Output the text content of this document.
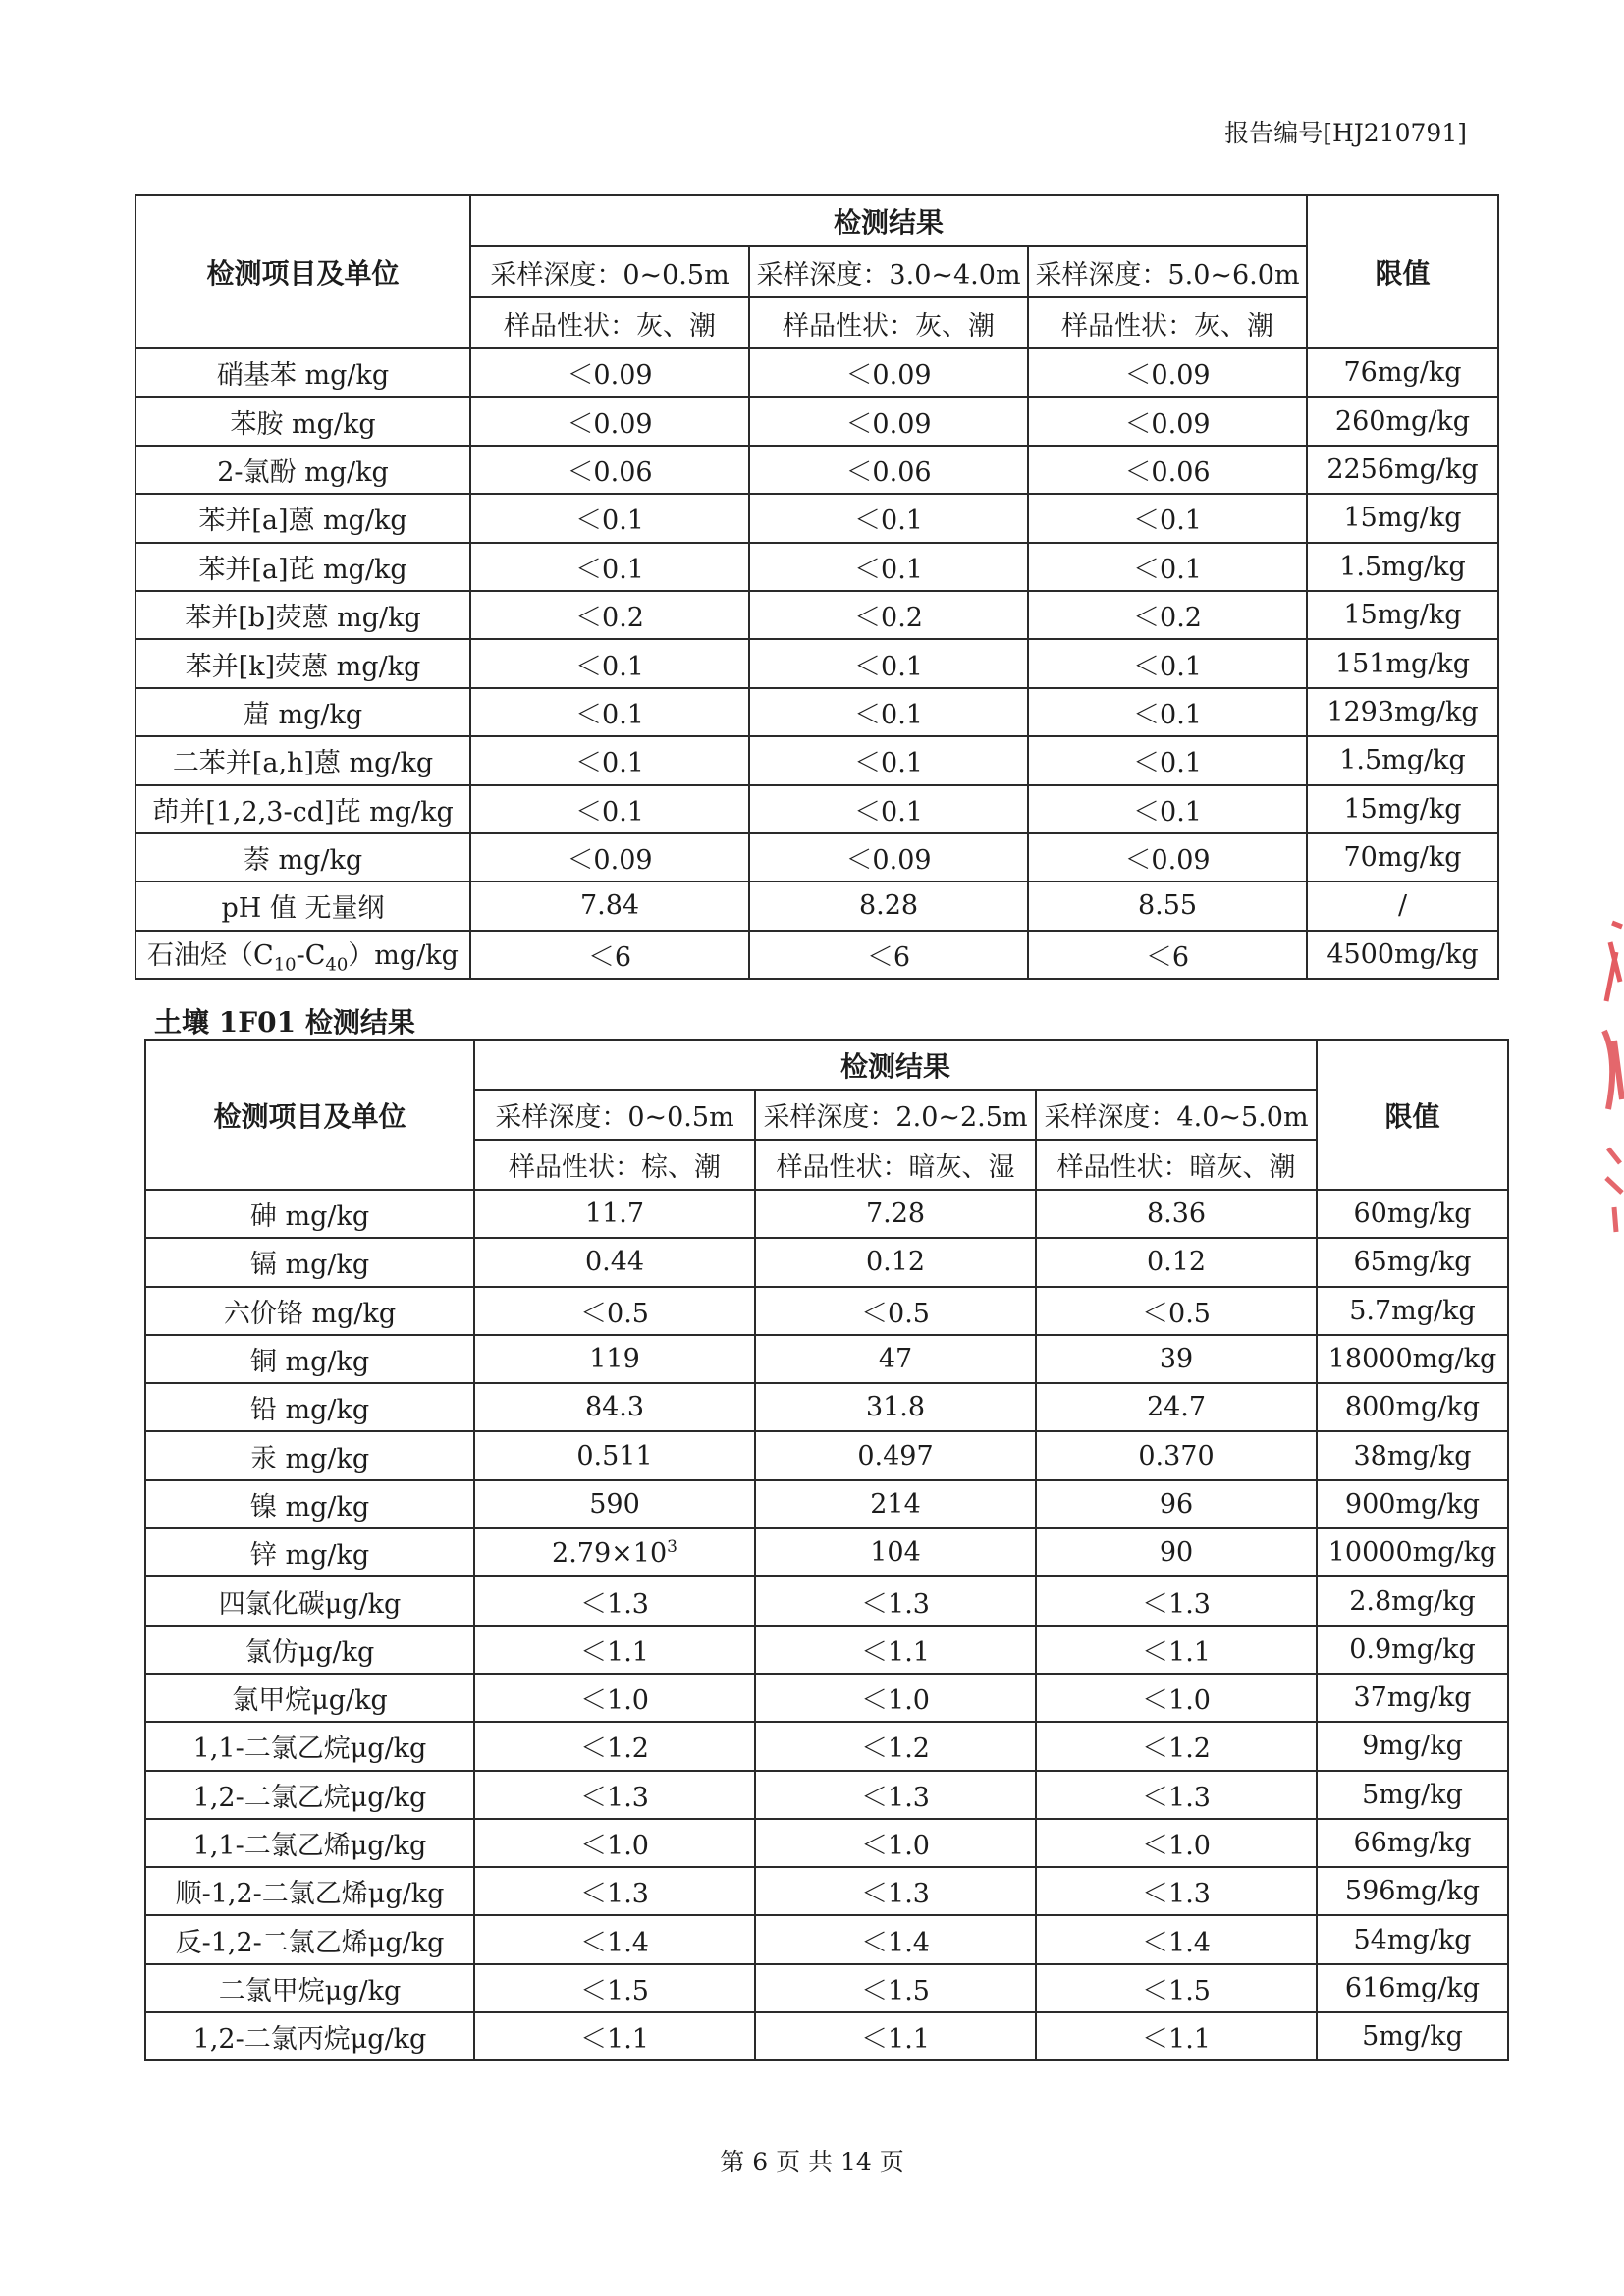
报告编号[HJ210791]
检测项目及单位	检测结果			限值
	采样深度：0~0.5m	采样深度：3.0~4.0m	采样深度：5.0~6.0m	
	样品性状：灰、潮	样品性状：灰、潮	样品性状：灰、潮	
硝基苯 mg/kg	＜0.09	＜0.09	＜0.09	76mg/kg
苯胺 mg/kg	＜0.09	＜0.09	＜0.09	260mg/kg
2-氯酚 mg/kg	＜0.06	＜0.06	＜0.06	2256mg/kg
苯并[a]蒽 mg/kg	＜0.1	＜0.1	＜0.1	15mg/kg
苯并[a]芘 mg/kg	＜0.1	＜0.1	＜0.1	1.5mg/kg
苯并[b]荧蒽 mg/kg	＜0.2	＜0.2	＜0.2	15mg/kg
苯并[k]荧蒽 mg/kg	＜0.1	＜0.1	＜0.1	151mg/kg
䓛 mg/kg	＜0.1	＜0.1	＜0.1	1293mg/kg
二苯并[a,h]蒽 mg/kg	＜0.1	＜0.1	＜0.1	1.5mg/kg
茚并[1,2,3-cd]芘 mg/kg	＜0.1	＜0.1	＜0.1	15mg/kg
萘 mg/kg	＜0.09	＜0.09	＜0.09	70mg/kg
pH 值 无量纲	7.84	8.28	8.55	/
石油烃$(C_{10}-C_{40})mg/kg$	＜6	＜6	＜6	4500mg/kg
土壤 1F01 检测结果
检测项目及单位	检测结果			限值
	采样深度：0~0.5m	采样深度：2.0~2.5m	采样深度：4.0~5.0m	
	样品性状：棕、潮	样品性状：暗灰、湿	样品性状：暗灰、潮	
砷 mg/kg	11.7	7.28	8.36	60mg/kg
镉 mg/kg	0.44	0.12	0.12	65mg/kg
六价铬 mg/kg	＜0.5	＜0.5	＜0.5	5.7mg/kg
铜 mg/kg	119	47	39	18000mg/kg
铅 mg/kg	84.3	31.8	24.7	800mg/kg
汞 mg/kg	0.511	0.497	0.370	38mg/kg
镍 mg/kg	590	214	96	900mg/kg
锌 mg/kg	$2.79\times 10^3$	104	90	10000mg/kg
四氯化碳μg/kg	＜1.3	＜1.3	＜1.3	2.8mg/kg
氯仿μg/kg	＜1.1	＜1.1	＜1.1	0.9mg/kg
氯甲烷μg/kg	＜1.0	＜1.0	＜1.0	37mg/kg
1,1-二氯乙烷μg/kg	＜1.2	＜1.2	＜1.2	9mg/kg
1,2-二氯乙烷μg/kg	＜1.3	＜1.3	＜1.3	5mg/kg
1,1-二氯乙烯μg/kg	＜1.0	＜1.0	＜1.0	66mg/kg
顺-1,2-二氯乙烯μg/kg	＜1.3	＜1.3	＜1.3	596mg/kg
反-1,2-二氯乙烯μg/kg	＜1.4	＜1.4	＜1.4	54mg/kg
二氯甲烷μg/kg	＜1.5	＜1.5	＜1.5	616mg/kg
1,2-二氯丙烷μg/kg	＜1.1	＜1.1	＜1.1	5mg/kg
第 6 页 共 14 页
